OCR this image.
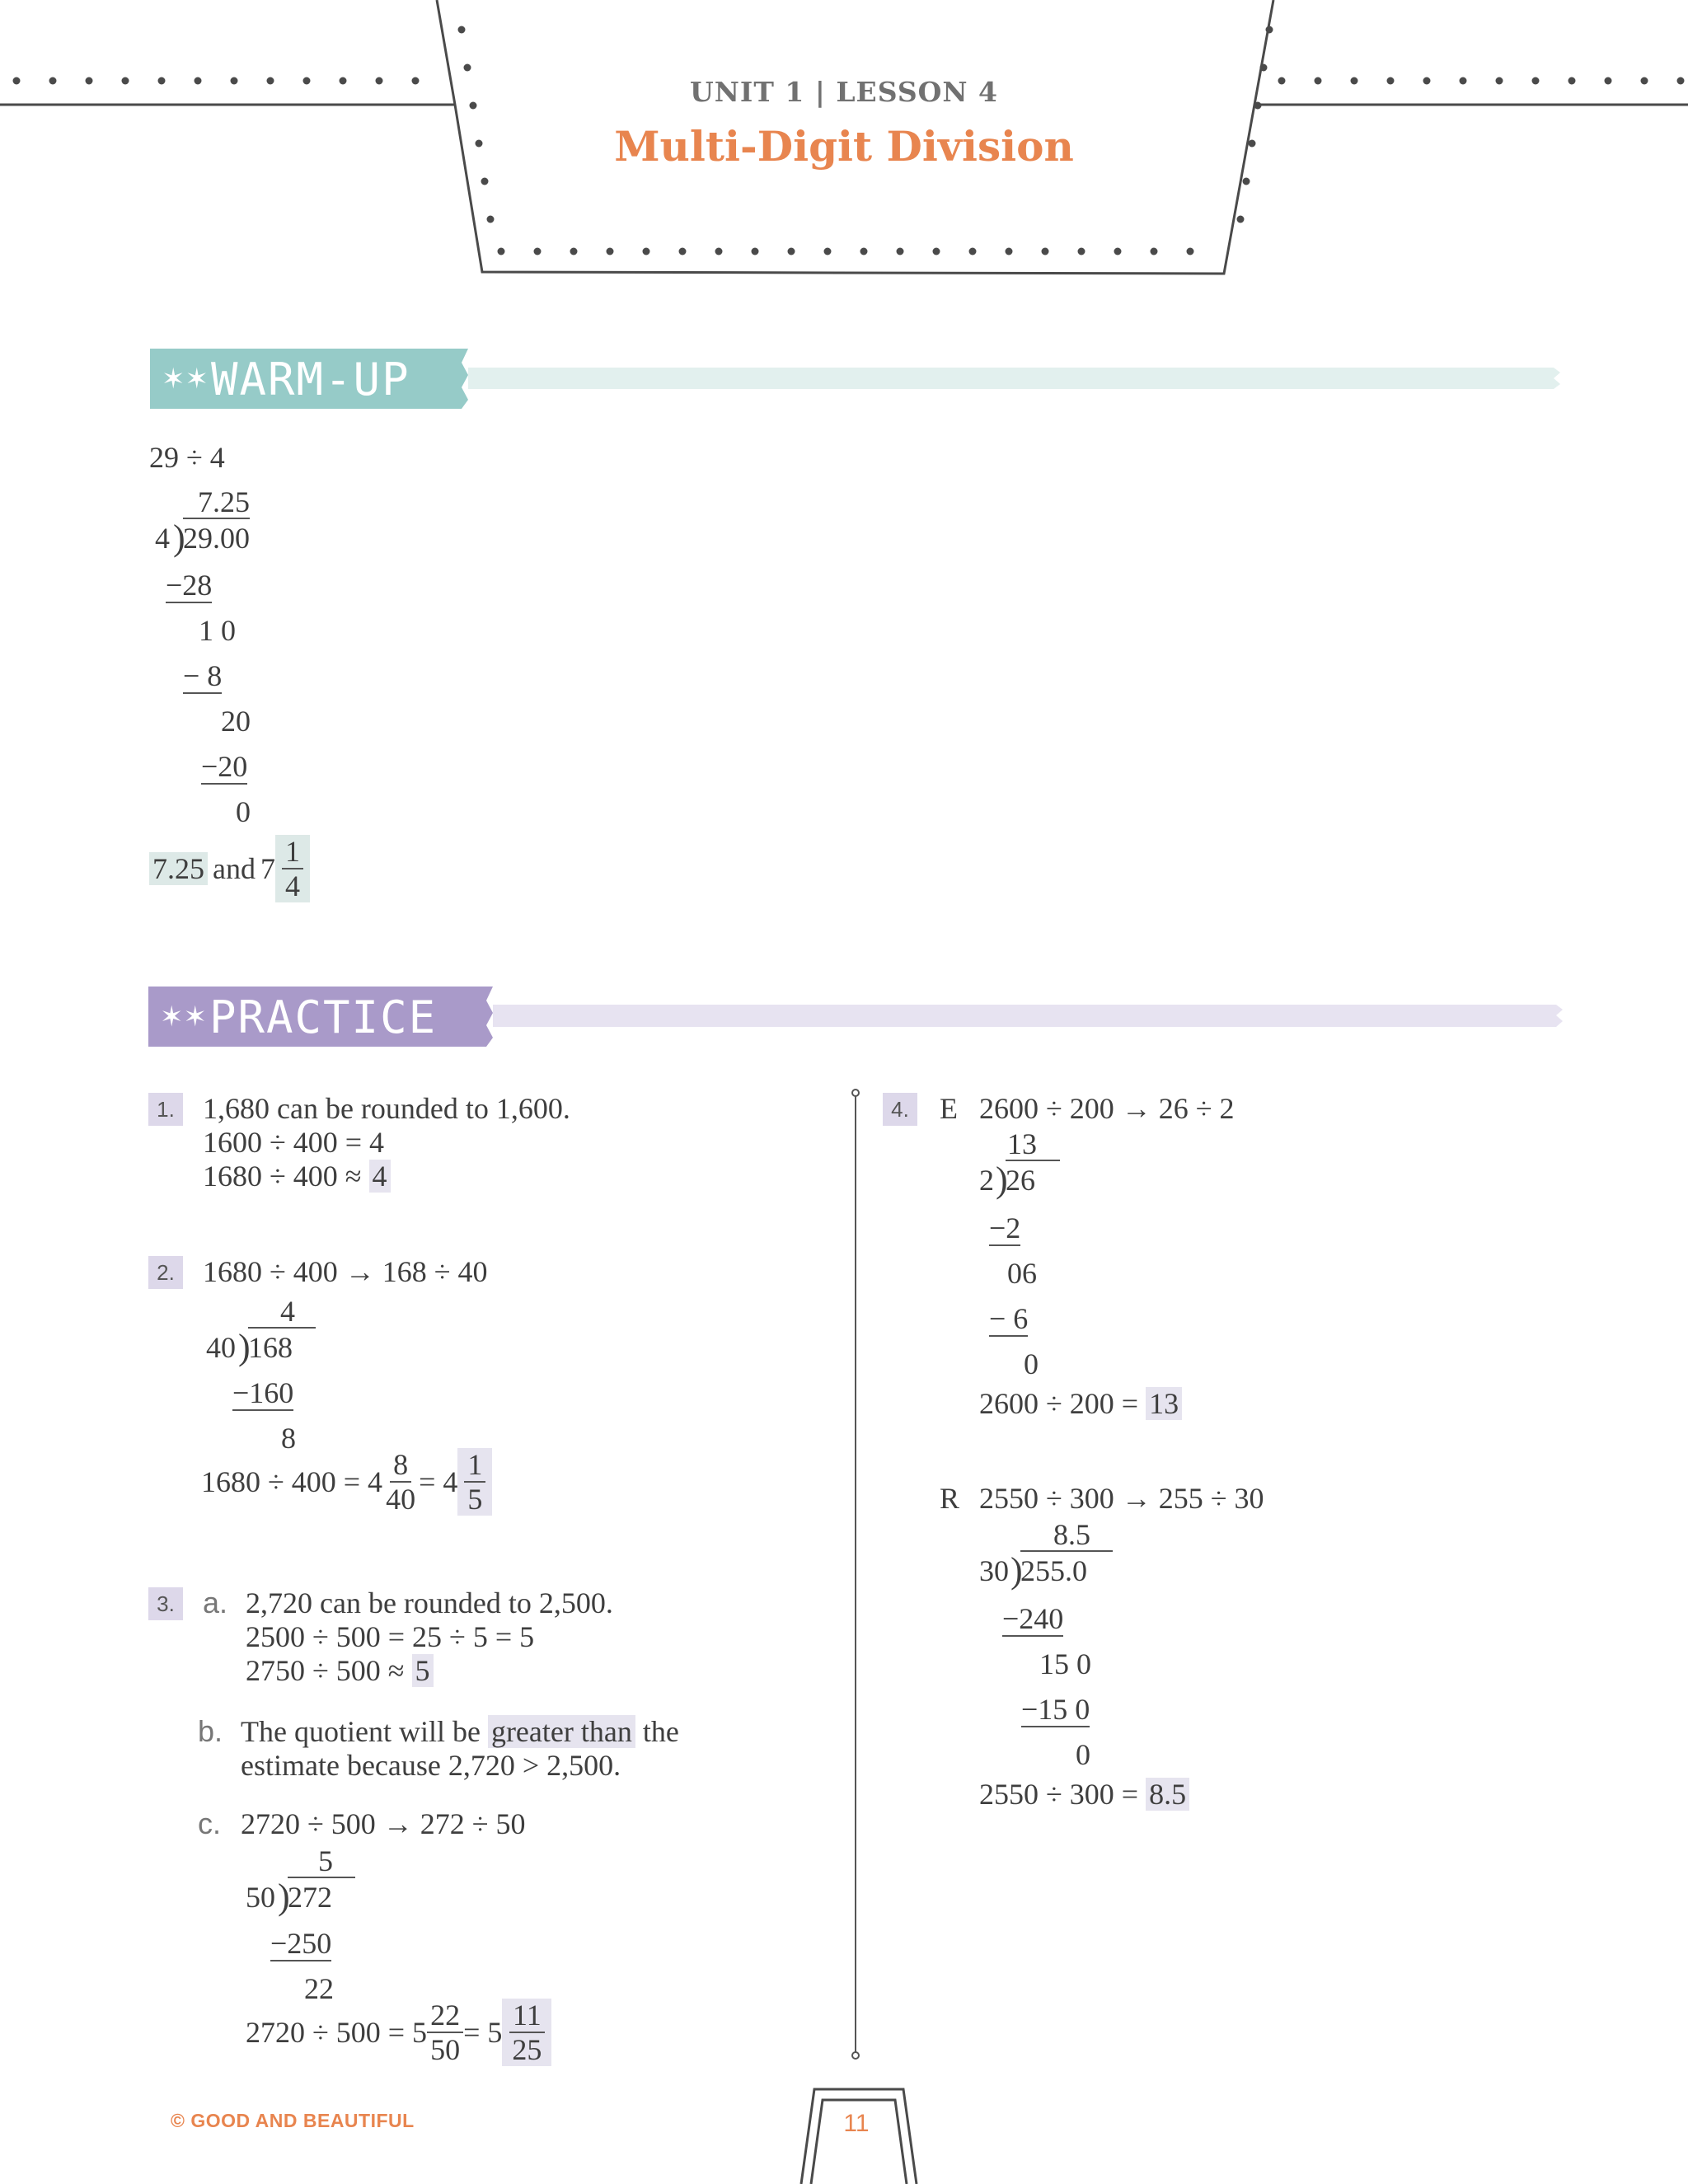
UNIT 1 | LESSON 4
Multi-Digit Division
✶✶ WARM-UP
29 ÷ 4
7.25
4 )
29.00
−28
1 0
− 8
20
−20
0
7.25 and $7 \frac{1}{4}$
✶✶ PRACTICE
1. 1,680 can be rounded to 1,600.
1600 ÷ 400 = 4
1680 ÷ 400 ≈ 4
2. 1680 ÷ 400 → 168 ÷ 40
4
40 )
168
−160
8
$1680 \div 400 = 4 \frac{8}{40} = 4 \frac{1}{5}$
3. a. 2,720 can be rounded to 2,500.
2500 ÷ 500 = 25 ÷ 5 = 5
2750 ÷ 500 ≈ 5
b. The quotient will be greater than the
estimate because 2,720 > 2,500.
c. 2720 ÷ 500 → 272 ÷ 50
5
50 )
272
−250
22
$2720 \div 500 = 5 \frac{22}{50} = 5 \frac{11}{25}$
4. E 2600 ÷ 200 → 26 ÷ 2
13
2 )
26
−2
06
− 6
0
2600 ÷ 200 = 13
R 2550 ÷ 300 → 255 ÷ 30
8.5
30 )
255.0
−240
15 0
−15 0
0
2550 ÷ 300 = 8.5
© GOOD AND BEAUTIFUL	11
